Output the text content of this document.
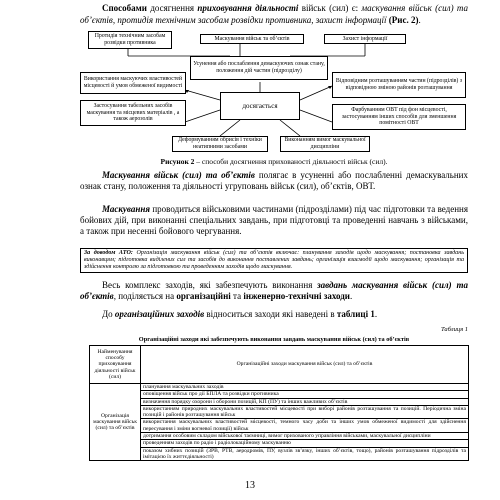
Способами досягнення приховування діяльності військ (сил) є: маскування військ (сил) та об’єктів, протидія технічним засобам розвідки противника, захист інформації (Рис. 2).

Протидія технічним засобам розвідки противника
Маскування військ та об’єктів	Захист інформації
Усунення або послаблення демаскуючих ознак стану, положення дій частин (підрозділу)
Використання маскуючих властивостей місцевості й умов обмеженої видимості
Застосування табельних засобів маскування та місцевих матеріалів , а також аерозолів
досягається
Відповідним розташуванням частин (підрозділів) з відповідною зміною районів розташування
Фарбуванням ОВТ під фон місцевості, застосуванням інших способів для зменшення помітності ОВТ
Деформуванням обрисів і техніки неатипними засобами
Виконанням вимог маскувальної дисципліни
Рисунок 2 – способи досягнення прихованості діяльності військ (сил).

Маскування військ (сил) та об’єктів полягає в усуненні або послабленні демаскувальних ознак стану, положення та діяльності угруповань військ (сил), об’єктів, ОВТ.

Маскування проводиться військовими частинами (підрозділами) під час підготовки та ведення бойових дій, при виконанні спеціальних завдань, при підготовці та проведенні навчань з військами, а також при несенні бойового чергування.

За доводом АТО: Організація маскування військ (сил) та об’єктів включає: планування заходів щодо маскування; постановка завдань виконавцям; підготовка виділених сил та засобів до виконання поставлених завдань; організація взаємодії щодо маскування; організація та здійснення контролю за підготовкою та проведенням заходів щодо маскування.

Весь комплекс заходів, які забезпечують виконання завдань маскування військ (сил) та об’єктів, поділяється на організаційні та інженерно-технічні заходи.

До організаційних заходів відноситься заходи які наведені в таблиці 1.

Таблиця 1
Організаційні заходи які забезпечують виконання завдань маскування військ (сил) та об’єктів
Найменування способу приховування діяльності військ (сил)	Організаційні заходи маскування військ (сил) та об’єктів
Організація маскування військ (сил) та об’єктів	планування маскувальних заходів
	оповіщення військ про дії БПЛА та розвідки противника
	визначення порядку охорони і оборони позицій, КП (ПУ) та інших важливих об’єктів
	використанням природних маскувальних властивостей місцевості при виборі районів розташування та позицій. Періодична зміна позицій і районів розташування військ
	використання маскувальних властивостей місцевості, темного часу доби та інших умов обмеженої видимості для здійснення пересування і зміни вогневої позиції) військ
	дотримання особовим складом військової таємниці, вимог прихованого управління військами, маскувальної дисципліни
	проведенням заходів по радіо і радіолокаційному маскуванню
	показом хибних позицій (ЗРВ, РТВ, аеродромів, ПУ, вузлів зв’язку, інших об’єктів, тощо), районів розташування підрозділів та імітацією їх життєдіяльності)
13
